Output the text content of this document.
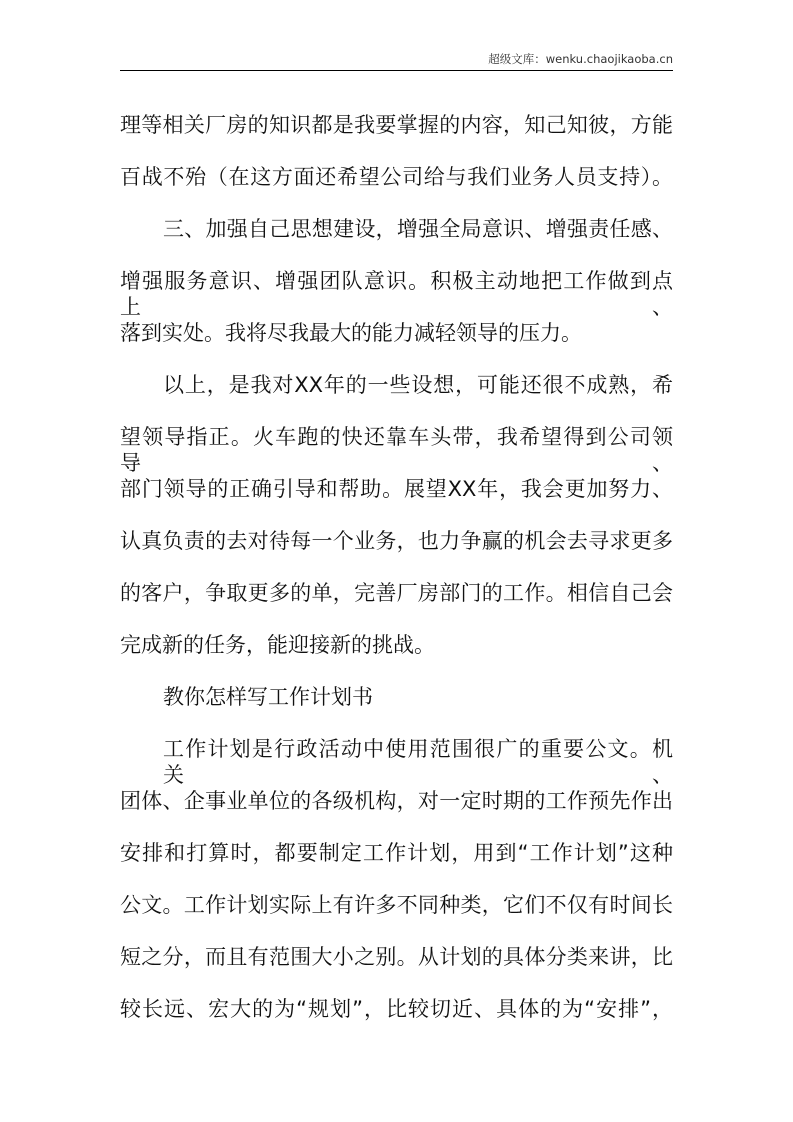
超级文库：wenku.chaojikaoba.cn
理等相关厂房的知识都是我要掌握的内容，知己知彼，方能
百战不殆（在这方面还希望公司给与我们业务人员支持）。
三、加强自己思想建设，增强全局意识、增强责任感、
增强服务意识、增强团队意识。积极主动地把工作做到点上、
落到实处。我将尽我最大的能力减轻领导的压力。
以上，是我对XX年的一些设想，可能还很不成熟，希
望领导指正。火车跑的快还靠车头带，我希望得到公司领导、
部门领导的正确引导和帮助。展望XX年，我会更加努力、
认真负责的去对待每一个业务，也力争赢的机会去寻求更多
的客户，争取更多的单，完善厂房部门的工作。相信自己会
完成新的任务，能迎接新的挑战。
教你怎样写工作计划书
工作计划是行政活动中使用范围很广的重要公文。机关、
团体、企事业单位的各级机构，对一定时期的工作预先作出
安排和打算时，都要制定工作计划，用到“工作计划”这种
公文。工作计划实际上有许多不同种类，它们不仅有时间长
短之分，而且有范围大小之别。从计划的具体分类来讲，比
较长远、宏大的为“规划”，比较切近、具体的为“安排”，
